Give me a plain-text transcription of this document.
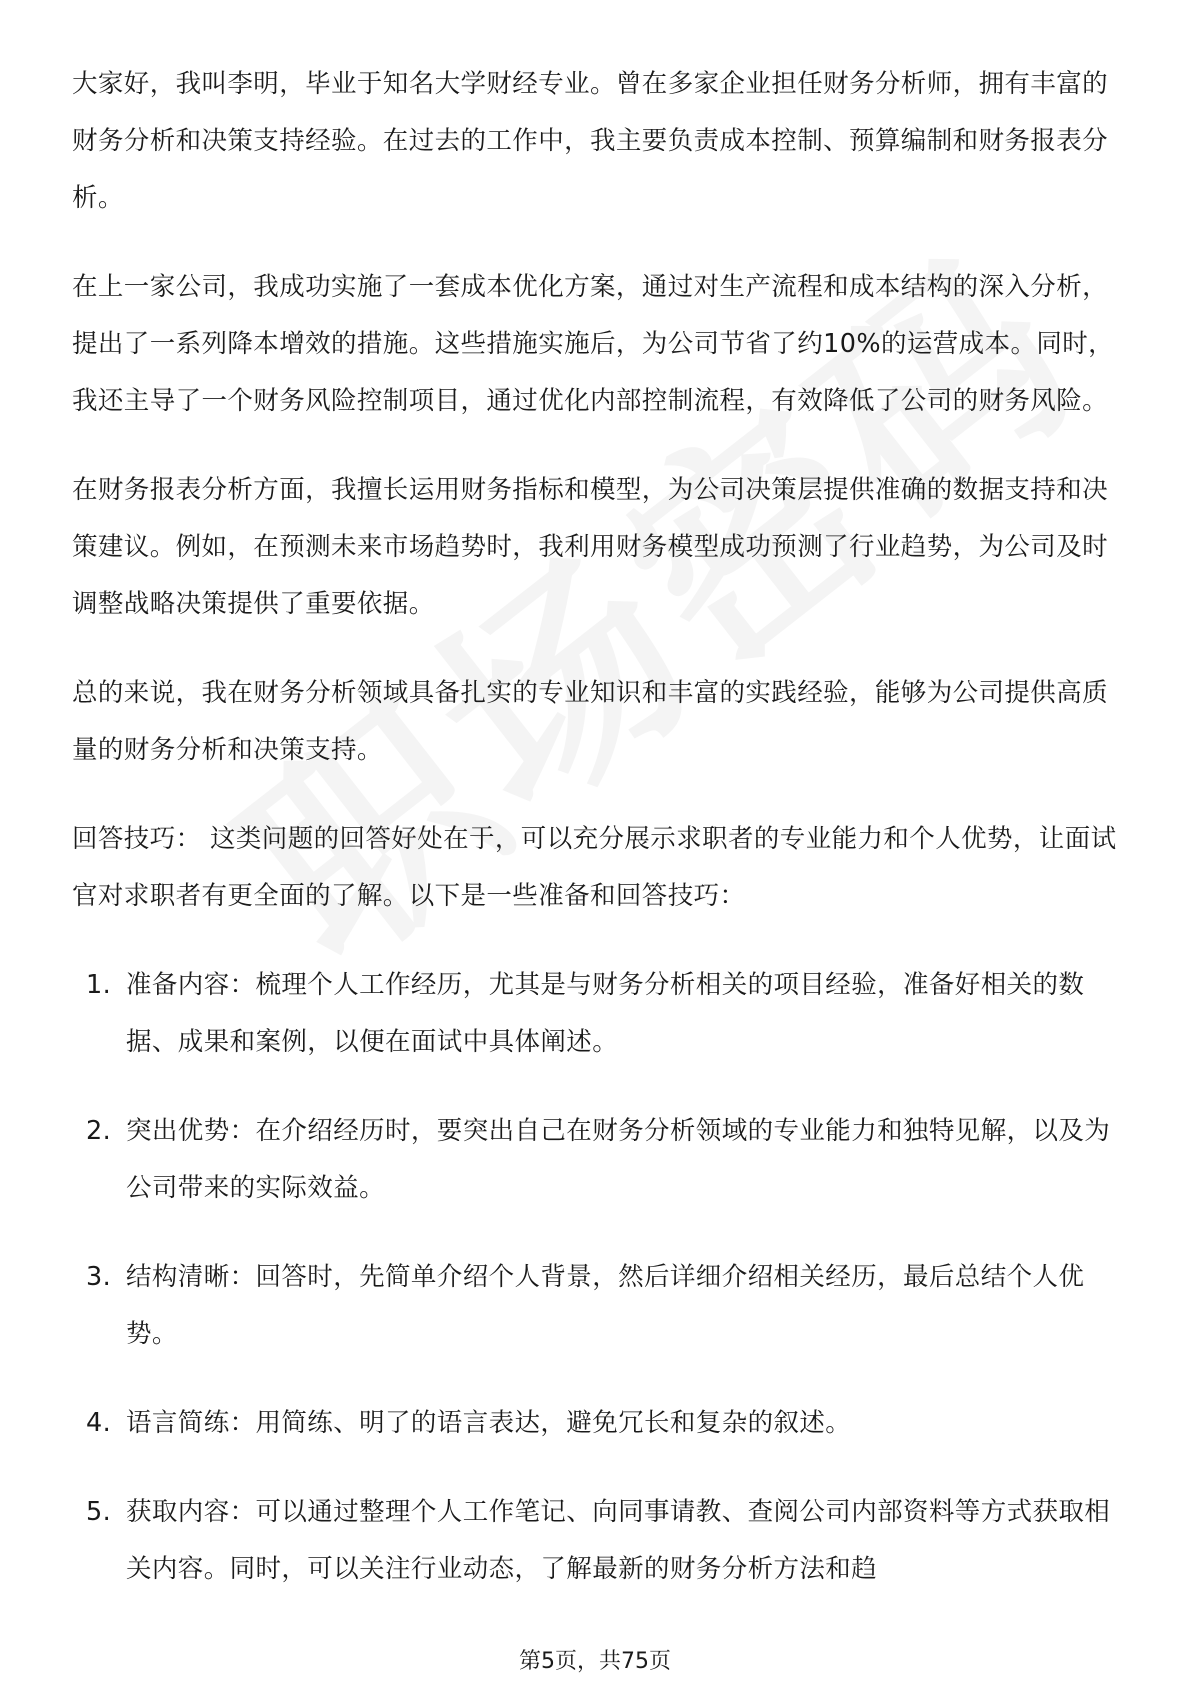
大家好，我叫李明，毕业于知名大学财经专业。曾在多家企业担任财务分析师，拥有丰富的财务分析和决策支持经验。在过去的工作中，我主要负责成本控制、预算编制和财务报表分析。

在上一家公司，我成功实施了一套成本优化方案，通过对生产流程和成本结构的深入分析，提出了一系列降本增效的措施。这些措施实施后，为公司节省了约10%的运营成本。同时，我还主导了一个财务风险控制项目，通过优化内部控制流程，有效降低了公司的财务风险。

在财务报表分析方面，我擅长运用财务指标和模型，为公司决策层提供准确的数据支持和决策建议。例如，在预测未来市场趋势时，我利用财务模型成功预测了行业趋势，为公司及时调整战略决策提供了重要依据。

总的来说，我在财务分析领域具备扎实的专业知识和丰富的实践经验，能够为公司提供高质量的财务分析和决策支持。

回答技巧： 这类问题的回答好处在于，可以充分展示求职者的专业能力和个人优势，让面试官对求职者有更全面的了解。以下是一些准备和回答技巧：

1. 准备内容：梳理个人工作经历，尤其是与财务分析相关的项目经验，准备好相关的数据、成果和案例，以便在面试中具体阐述。
2. 突出优势：在介绍经历时，要突出自己在财务分析领域的专业能力和独特见解，以及为公司带来的实际效益。
3. 结构清晰：回答时，先简单介绍个人背景，然后详细介绍相关经历，最后总结个人优势。
4. 语言简练：用简练、明了的语言表达，避免冗长和复杂的叙述。
5. 获取内容：可以通过整理个人工作笔记、向同事请教、查阅公司内部资料等方式获取相关内容。同时，可以关注行业动态，了解最新的财务分析方法和趋
第5页，共75页
